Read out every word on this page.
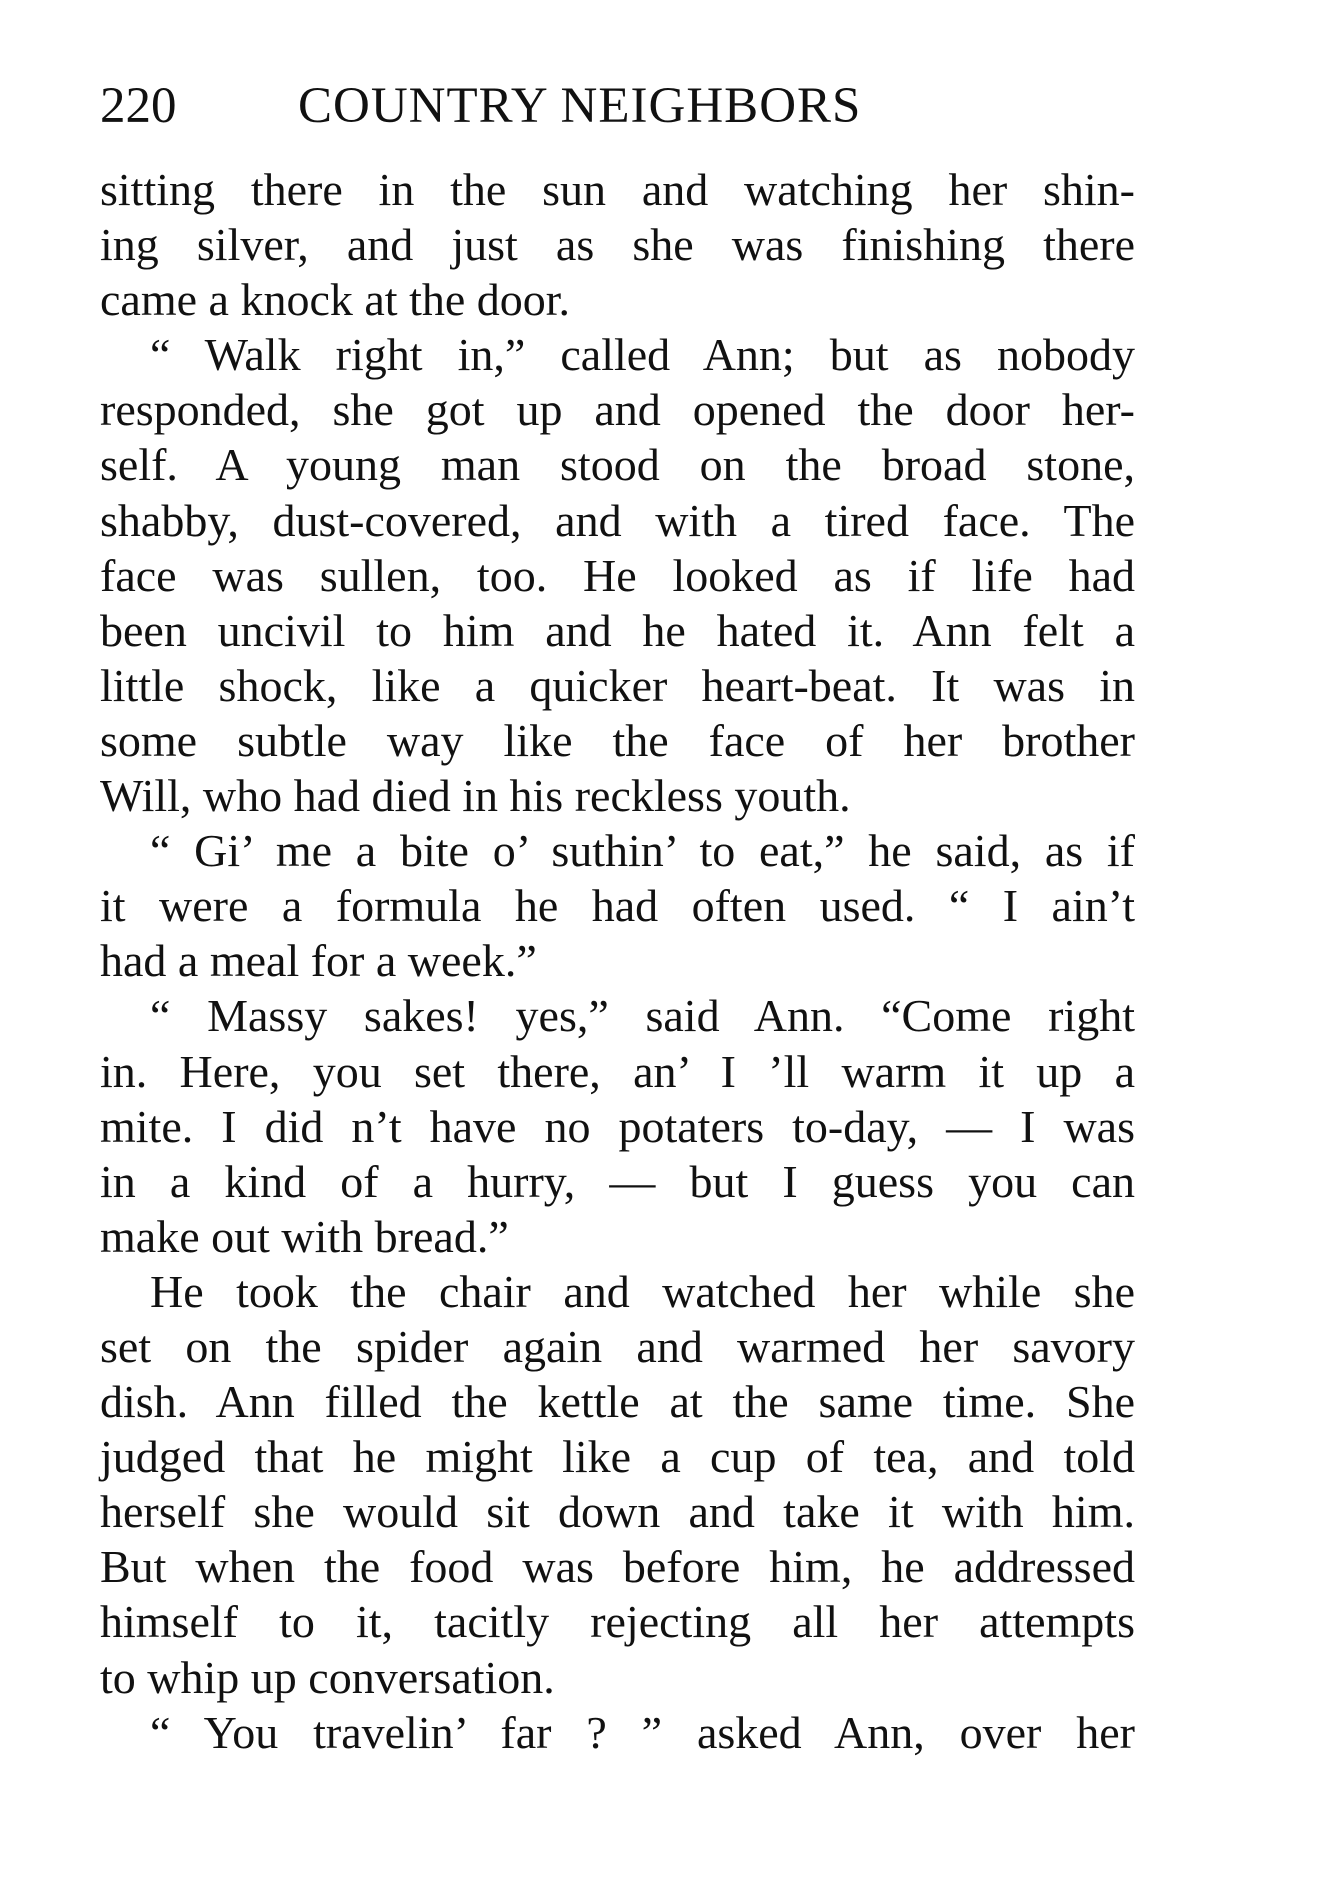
220 COUNTRY NEIGHBORS
sitting there in the sun and watching her shin-
ing silver, and just as she was finishing there
came a knock at the door.
“ Walk right in,” called Ann; but as nobody
responded, she got up and opened the door her-
self. A young man stood on the broad stone,
shabby, dust-covered, and with a tired face. The
face was sullen, too. He looked as if life had
been uncivil to him and he hated it. Ann felt a
little shock, like a quicker heart-beat. It was in
some subtle way like the face of her brother
Will, who had died in his reckless youth.
“ Gi’ me a bite o’ suthin’ to eat,” he said, as if
it were a formula he had often used. “ I ain’t
had a meal for a week.”
“ Massy sakes! yes,” said Ann. “Come right
in. Here, you set there, an’ I ’ll warm it up a
mite. I did n’t have no potaters to-day, — I was
in a kind of a hurry, — but I guess you can
make out with bread.”
He took the chair and watched her while she
set on the spider again and warmed her savory
dish. Ann filled the kettle at the same time. She
judged that he might like a cup of tea, and told
herself she would sit down and take it with him.
But when the food was before him, he addressed
himself to it, tacitly rejecting all her attempts
to whip up conversation.
“ You travelin’ far ? ” asked Ann, over her
